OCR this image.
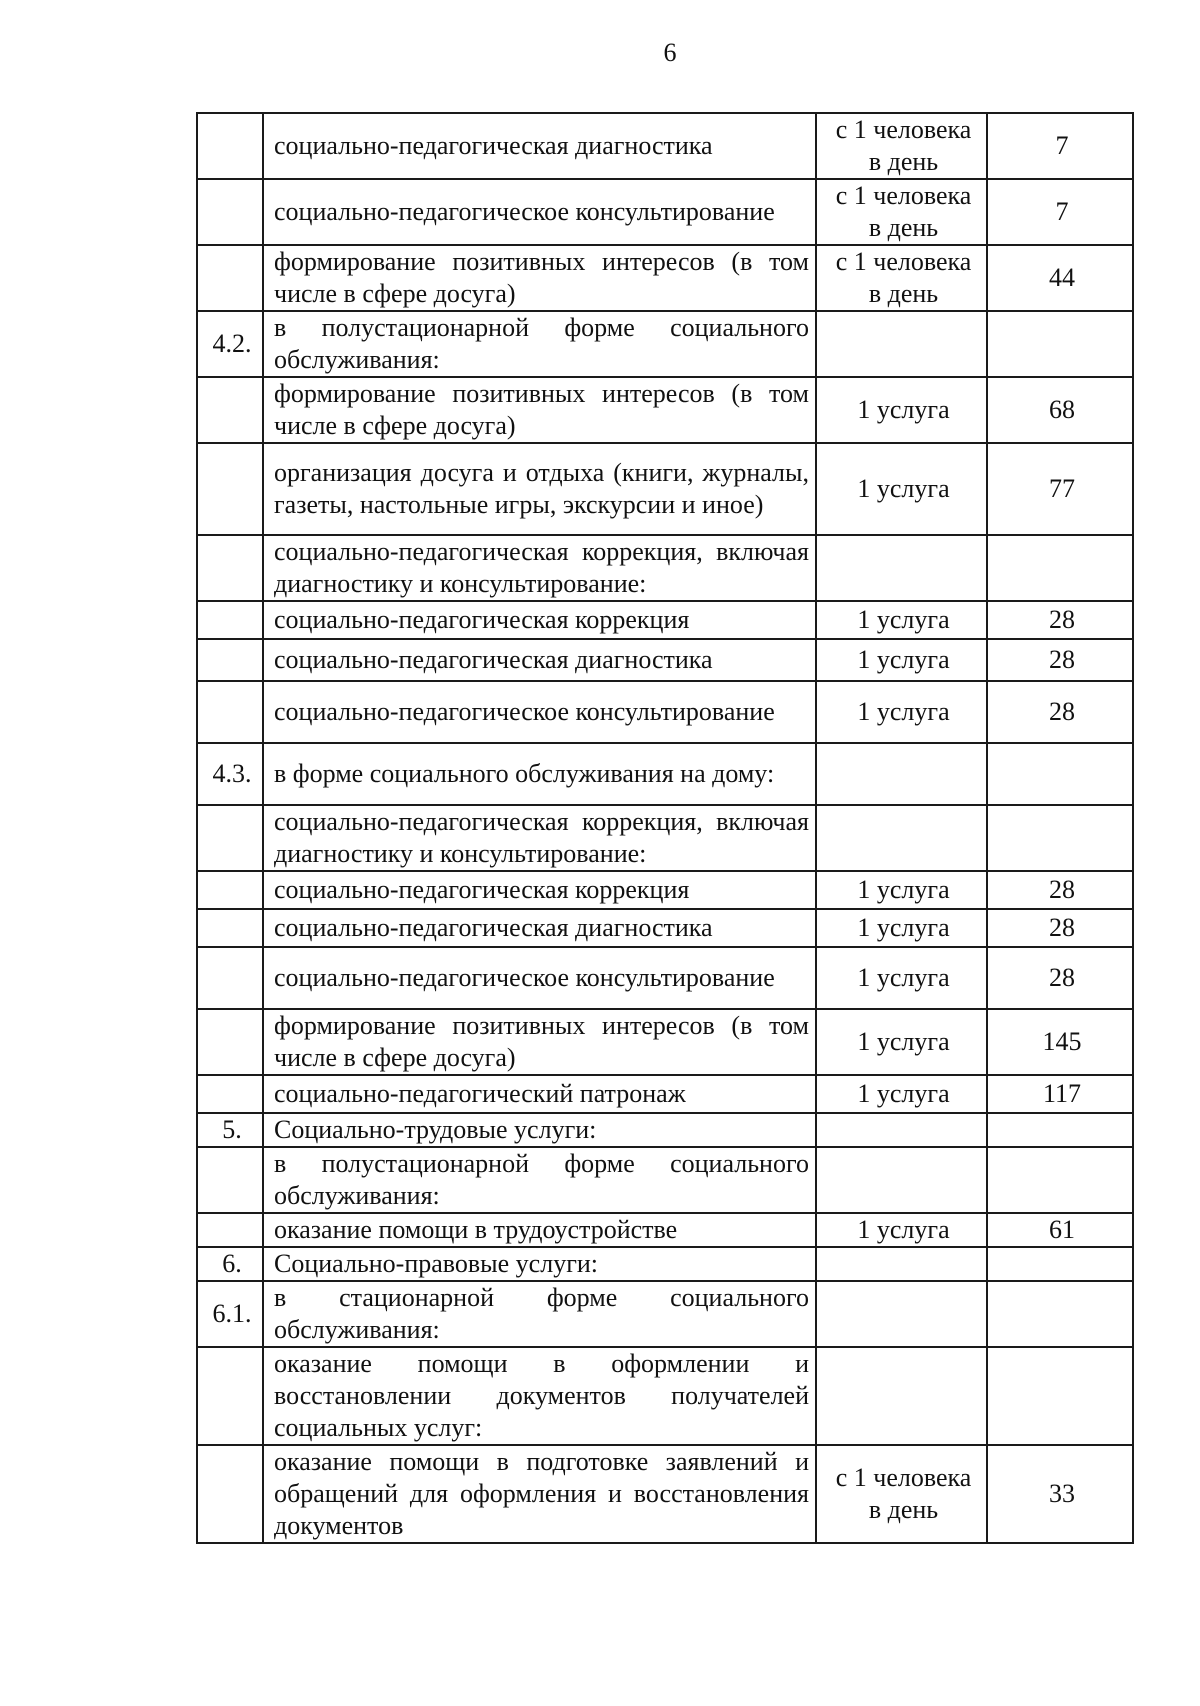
6
	социально-педагогическая диагностика	с 1 человека в день	7
	социально-педагогическое консультирование	с 1 человека в день	7
	формирование позитивных интересов (в том числе в сфере досуга)	с 1 человека в день	44
4.2.	в полустационарной форме социального обслуживания:		
	формирование позитивных интересов (в том числе в сфере досуга)	1 услуга	68
	организация досуга и отдыха (книги, журналы, газеты, настольные игры, экскурсии и иное)	1 услуга	77
	социально-педагогическая коррекция, включая диагностику и консультирование:		
	социально-педагогическая коррекция	1 услуга	28
	социально-педагогическая диагностика	1 услуга	28
	социально-педагогическое консультирование	1 услуга	28
4.3.	в форме социального обслуживания на дому:		
	социально-педагогическая коррекция, включая диагностику и консультирование:		
	социально-педагогическая коррекция	1 услуга	28
	социально-педагогическая диагностика	1 услуга	28
	социально-педагогическое консультирование	1 услуга	28
	формирование позитивных интересов (в том числе в сфере досуга)	1 услуга	145
	социально-педагогический патронаж	1 услуга	117
5.	Социально-трудовые услуги:		
	в полустационарной форме социального обслуживания:		
	оказание помощи в трудоустройстве	1 услуга	61
6.	Социально-правовые услуги:		
6.1.	в стационарной форме социального обслуживания:		
	оказание помощи в оформлении и восстановлении документов получателей социальных услуг:		
	оказание помощи в подготовке заявлений и обращений для оформления и восстановления документов	с 1 человека в день	33
